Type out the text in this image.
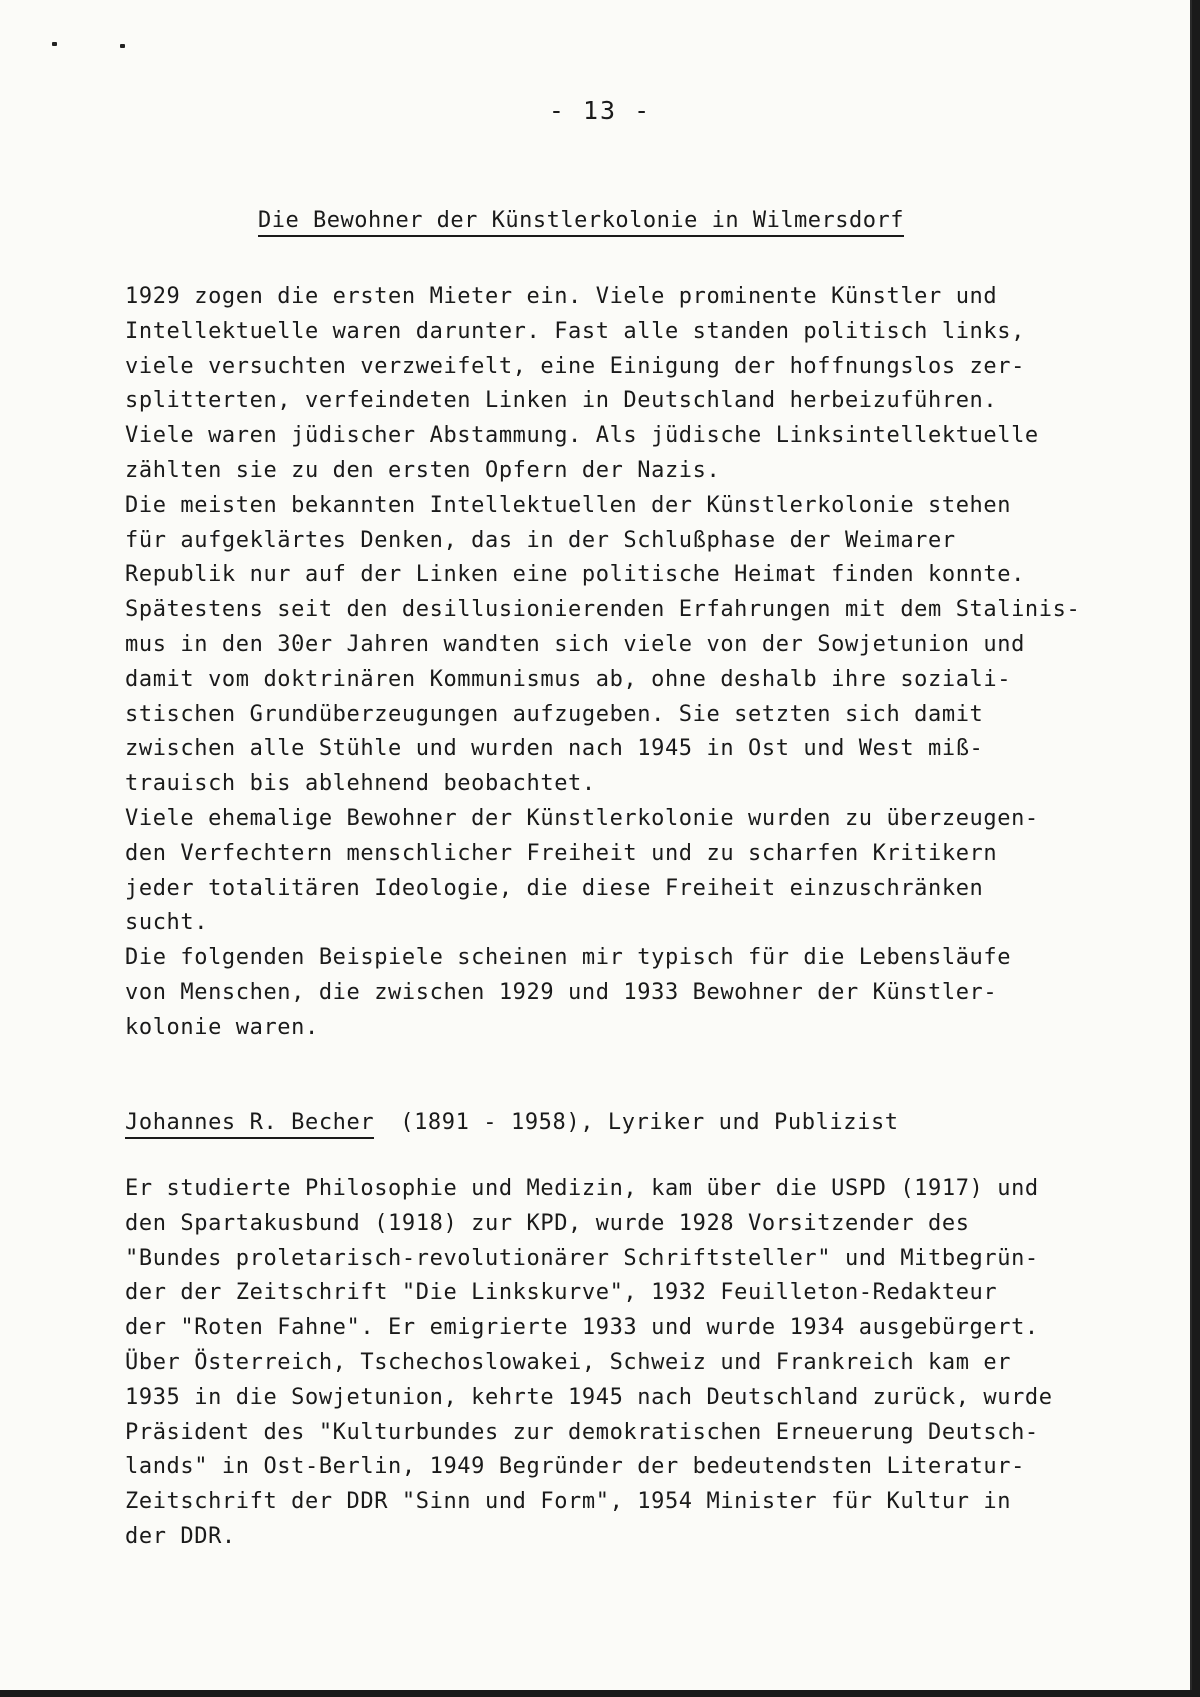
- 13 -
Die Bewohner der Künstlerkolonie in Wilmersdorf
1929 zogen die ersten Mieter ein. Viele prominente Künstler und
Intellektuelle waren darunter. Fast alle standen politisch links,
viele versuchten verzweifelt, eine Einigung der hoffnungslos zer-
splitterten, verfeindeten Linken in Deutschland herbeizuführen.
Viele waren jüdischer Abstammung. Als jüdische Linksintellektuelle
zählten sie zu den ersten Opfern der Nazis.
Die meisten bekannten Intellektuellen der Künstlerkolonie stehen
für aufgeklärtes Denken, das in der Schlußphase der Weimarer
Republik nur auf der Linken eine politische Heimat finden konnte.
Spätestens seit den desillusionierenden Erfahrungen mit dem Stalinis-
mus in den 30er Jahren wandten sich viele von der Sowjetunion und
damit vom doktrinären Kommunismus ab, ohne deshalb ihre soziali-
stischen Grundüberzeugungen aufzugeben. Sie setzten sich damit
zwischen alle Stühle und wurden nach 1945 in Ost und West miß-
trauisch bis ablehnend beobachtet.
Viele ehemalige Bewohner der Künstlerkolonie wurden zu überzeugen-
den Verfechtern menschlicher Freiheit und zu scharfen Kritikern
jeder totalitären Ideologie, die diese Freiheit einzuschränken
sucht.
Die folgenden Beispiele scheinen mir typisch für die Lebensläufe
von Menschen, die zwischen 1929 und 1933 Bewohner der Künstler-
kolonie waren.
Johannes R. Becher (1891 - 1958), Lyriker und Publizist
Er studierte Philosophie und Medizin, kam über die USPD (1917) und
den Spartakusbund (1918) zur KPD, wurde 1928 Vorsitzender des
"Bundes proletarisch-revolutionärer Schriftsteller" und Mitbegrün-
der der Zeitschrift "Die Linkskurve", 1932 Feuilleton-Redakteur
der "Roten Fahne". Er emigrierte 1933 und wurde 1934 ausgebürgert.
Über Österreich, Tschechoslowakei, Schweiz und Frankreich kam er
1935 in die Sowjetunion, kehrte 1945 nach Deutschland zurück, wurde
Präsident des "Kulturbundes zur demokratischen Erneuerung Deutsch-
lands" in Ost-Berlin, 1949 Begründer der bedeutendsten Literatur-
Zeitschrift der DDR "Sinn und Form", 1954 Minister für Kultur in
der DDR.
